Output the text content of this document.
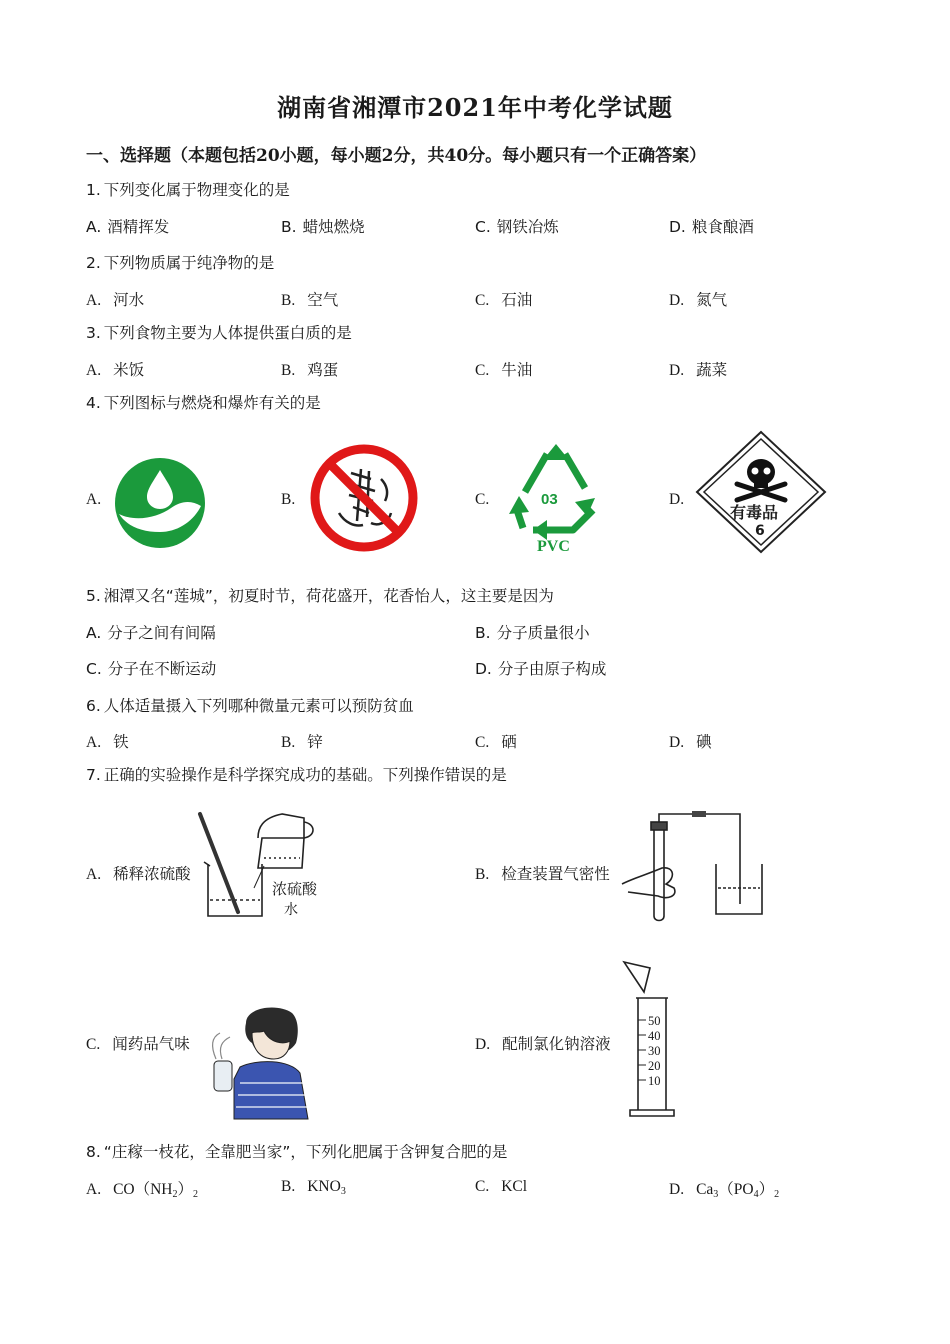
湖南省湘潭市2021年中考化学试题
一、选择题（本题包括20小题，每小题2分，共40分。每小题只有一个正确答案）
1. 下列变化属于物理变化的是
A. 酒精挥发	B. 蜡烛燃烧	C. 钢铁冶炼	D. 粮食酿酒
2. 下列物质属于纯净物的是
A. 河水	B. 空气	C. 石油	D. 氮气
3. 下列食物主要为人体提供蛋白质的是
A. 米饭	B. 鸡蛋	C. 牛油	D. 蔬菜
4. 下列图标与燃烧和爆炸有关的是
A.	B.	C.	D.
03
PVC
有毒品
6
5. 湘潭又名“莲城”，初夏时节，荷花盛开，花香怡人，这主要是因为
A. 分子之间有间隔	B. 分子质量很小
C. 分子在不断运动	D. 分子由原子构成
6. 人体适量摄入下列哪种微量元素可以预防贫血
A. 铁	B. 锌	C. 硒	D. 碘
7. 正确的实验操作是科学探究成功的基础。下列操作错误的是
A. 稀释浓硫酸	B. 检查装置气密性
C. 闻药品气味	D. 配制氯化钠溶液
浓硫酸
水
50
40
30
20
10
8. “庄稼一枝花，全靠肥当家”，下列化肥属于含钾复合肥的是
A. $CO(NH_2)_2$	B. $KNO_3$	C. KCl	D. $Ca_3(PO_4)_2$
